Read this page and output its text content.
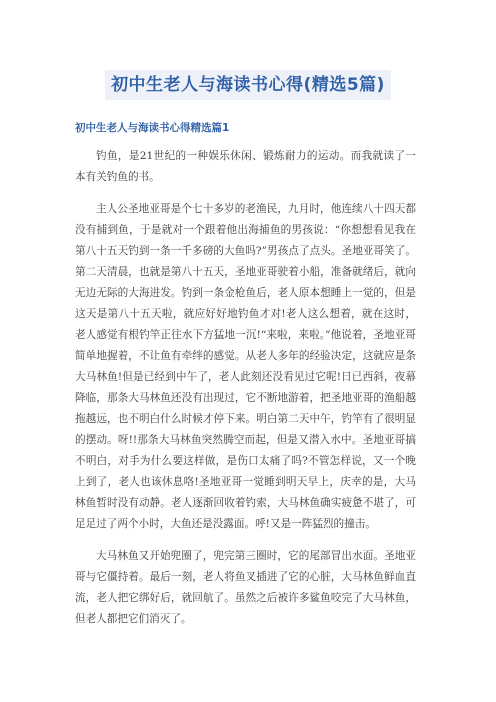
初中生老人与海读书心得(精选5篇)
初中生老人与海读书心得精选篇1

钓鱼，是21世纪的一种娱乐休闲、锻炼耐力的运动。而我就读了一本有关钓鱼的书。

主人公圣地亚哥是个七十多岁的老渔民，九月时，他连续八十四天都没有捕到鱼，于是就对一个跟着他出海捕鱼的男孩说：“你想想看见我在第八十五天钓到一条一千多磅的大鱼吗?”男孩点了点头。圣地亚哥笑了。第二天清晨，也就是第八十五天，圣地亚哥驶着小船，准备就绪后，就向无边无际的大海进发。钓到一条金枪鱼后，老人原本想睡上一觉的，但是这天是第八十五天啦，就应好好地钓鱼才对!老人这么想着，就在这时，老人感觉有根钓竿正往水下方猛地一沉!“来啦，来啦。”他说着，圣地亚哥简单地握着，不让鱼有牵绊的感觉。从老人多年的经验决定，这就应是条大马林鱼!但是已经到中午了，老人此刻还没看见过它呢!日已西斜，夜幕降临，那条大马林鱼还没有出现过，它不断地游着，把圣地亚哥的渔船越拖越远，也不明白什么时候才停下来。明白第二天中午，钓竿有了很明显的摆动。呀!!那条大马林鱼突然腾空而起，但是又潜入水中。圣地亚哥搞不明白，对手为什么要这样做，是伤口太痛了吗?不管怎样说，又一个晚上到了，老人也该休息咯!圣地亚哥一觉睡到明天早上，庆幸的是，大马林鱼暂时没有动静。老人逐渐回收着钓索，大马林鱼确实疲惫不堪了，可足足过了两个小时，大鱼还是没露面。呼!又是一阵猛烈的撞击。

大马林鱼又开始兜圈了，兜完第三圈时，它的尾部冒出水面。圣地亚哥与它僵持着。最后一刻，老人将鱼叉插进了它的心脏，大马林鱼鲜血直流，老人把它绑好后，就回航了。虽然之后被许多鲨鱼咬完了大马林鱼，但老人都把它们消灭了。
